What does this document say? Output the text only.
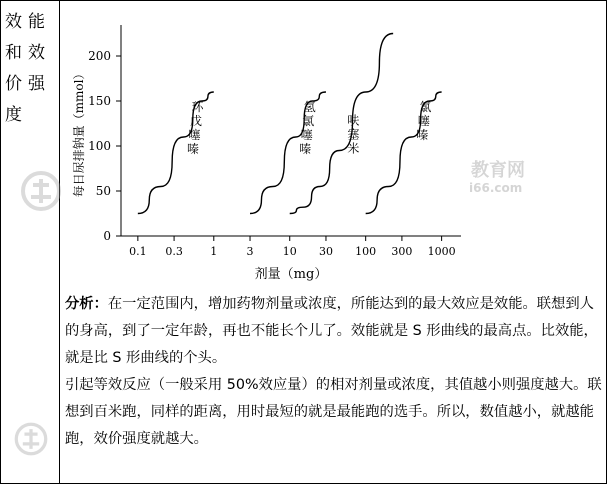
效能和效价强度
0
50
100
150
200
0.1 0.3 1	3	10 30 100 300 1000
剂量（mg）
每日尿排钠量（mmol）	环
戊
噻
嗪
氢
氯
噻
嗪
呋
塞
米
氯
噻
嗪

分析：在一定范围内，增加药物剂量或浓度，所能达到的最大效应是效能。联想到人的身高，到了一定年龄，再也不能长个儿了。效能就是 S 形曲线的最高点。比效能，就是比 S 形曲线的个头。

引起等效反应（一般采用 50%效应量）的相对剂量或浓度，其值越小则强度越大。联想到百米跑，同样的距离，用时最短的就是最能跑的选手。所以，数值越小，就越能跑，效价强度就越大。

教育网
i66.com
